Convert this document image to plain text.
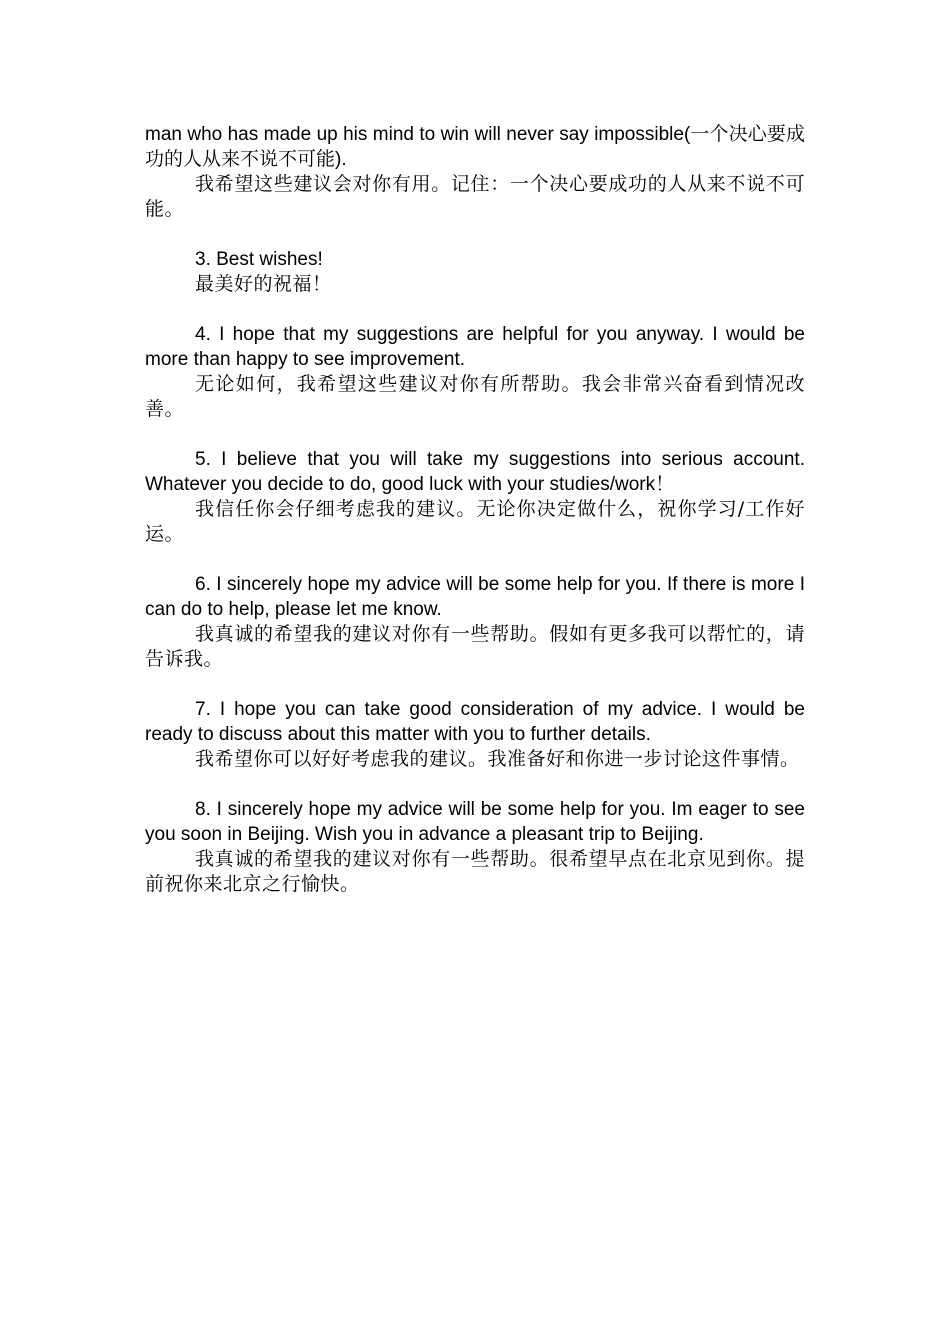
man who has made up his mind to win will never say impossible(一个决心要成功的人从来不说不可能).

我希望这些建议会对你有用。记住：一个决心要成功的人从来不说不可能。

3. Best wishes!

最美好的祝福！

4. I hope that my suggestions are helpful for you anyway. I would be more than happy to see improvement.

无论如何，我希望这些建议对你有所帮助。我会非常兴奋看到情况改善。

5. I believe that you will take my suggestions into serious account. Whatever you decide to do, good luck with your studies/work！

我信任你会仔细考虑我的建议。无论你决定做什么，祝你学习/工作好运。

6. I sincerely hope my advice will be some help for you. If there is more I can do to help, please let me know.

我真诚的希望我的建议对你有一些帮助。假如有更多我可以帮忙的，请告诉我。

7. I hope you can take good consideration of my advice. I would be ready to discuss about this matter with you to further details.

我希望你可以好好考虑我的建议。我准备好和你进一步讨论这件事情。

8. I sincerely hope my advice will be some help for you. Im eager to see you soon in Beijing. Wish you in advance a pleasant trip to Beijing.

我真诚的希望我的建议对你有一些帮助。很希望早点在北京见到你。提前祝你来北京之行愉快。
